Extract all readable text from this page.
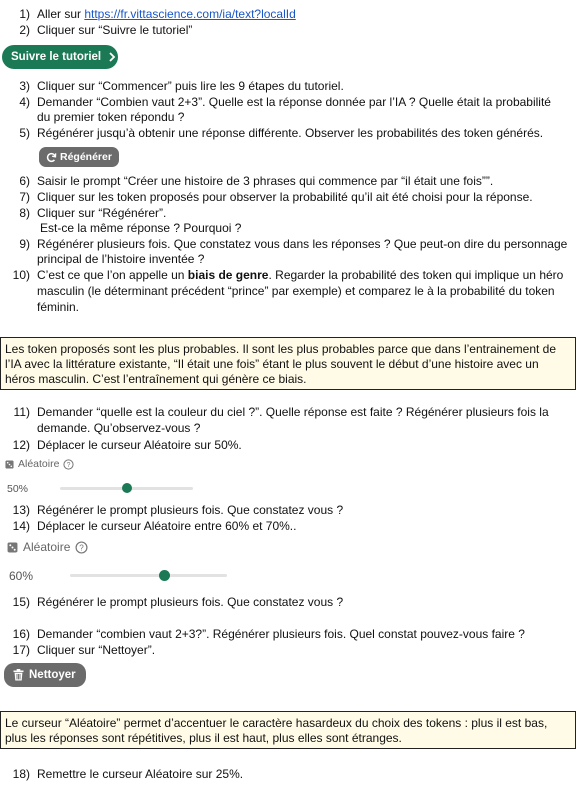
1) Aller sur https://fr.vittascience.com/ia/text?localId
2) Cliquer sur “Suivre le tutoriel”
Suivre le tutoriel
3) Cliquer sur “Commencer” puis lire les 9 étapes du tutoriel.
4) Demander “Combien vaut 2+3”. Quelle est la réponse donnée par l’IA ? Quelle était la probabilité
du premier token répondu ?
5) Régénérer jusqu’à obtenir une réponse différente. Observer les probabilités des token générés.
Régénérer
6) Saisir le prompt “Créer une histoire de 3 phrases qui commence par “il était une fois””.
7) Cliquer sur les token proposés pour observer la probabilité qu’il ait été choisi pour la réponse.
8) Cliquer sur “Régénérer”.
Est-ce la même réponse ? Pourquoi ?
9) Régénérer plusieurs fois. Que constatez vous dans les réponses ? Que peut-on dire du personnage
principal de l’histoire inventée ?
10) C’est ce que l’on appelle un biais de genre. Regarder la probabilité des token qui implique un héro
masculin (le déterminant précédent “prince” par exemple) et comparez le à la probabilité du token
féminin.
Les token proposés sont les plus probables. Il sont les plus probables parce que dans l’entrainement de
l’IA avec la littérature existante, “Il était une fois” étant le plus souvent le début d’une histoire avec un
héros masculin. C’est l’entraînement qui génère ce biais.
11) Demander “quelle est la couleur du ciel ?”. Quelle réponse est faite ? Régénérer plusieurs fois la
demande. Qu’observez-vous ?
12) Déplacer le curseur Aléatoire sur 50%.
Aléatoire ?
50%
13) Régénérer le prompt plusieurs fois. Que constatez vous ?
14) Déplacer le curseur Aléatoire entre 60% et 70%..
Aléatoire ?
60%
15) Régénérer le prompt plusieurs fois. Que constatez vous ?
16) Demander “combien vaut 2+3?”. Régénérer plusieurs fois. Quel constat pouvez-vous faire ?
17) Cliquer sur “Nettoyer”.
Nettoyer
Le curseur “Aléatoire” permet d’accentuer le caractère hasardeux du choix des tokens : plus il est bas,
plus les réponses sont répétitives, plus il est haut, plus elles sont étranges.
18) Remettre le curseur Aléatoire sur 25%.
